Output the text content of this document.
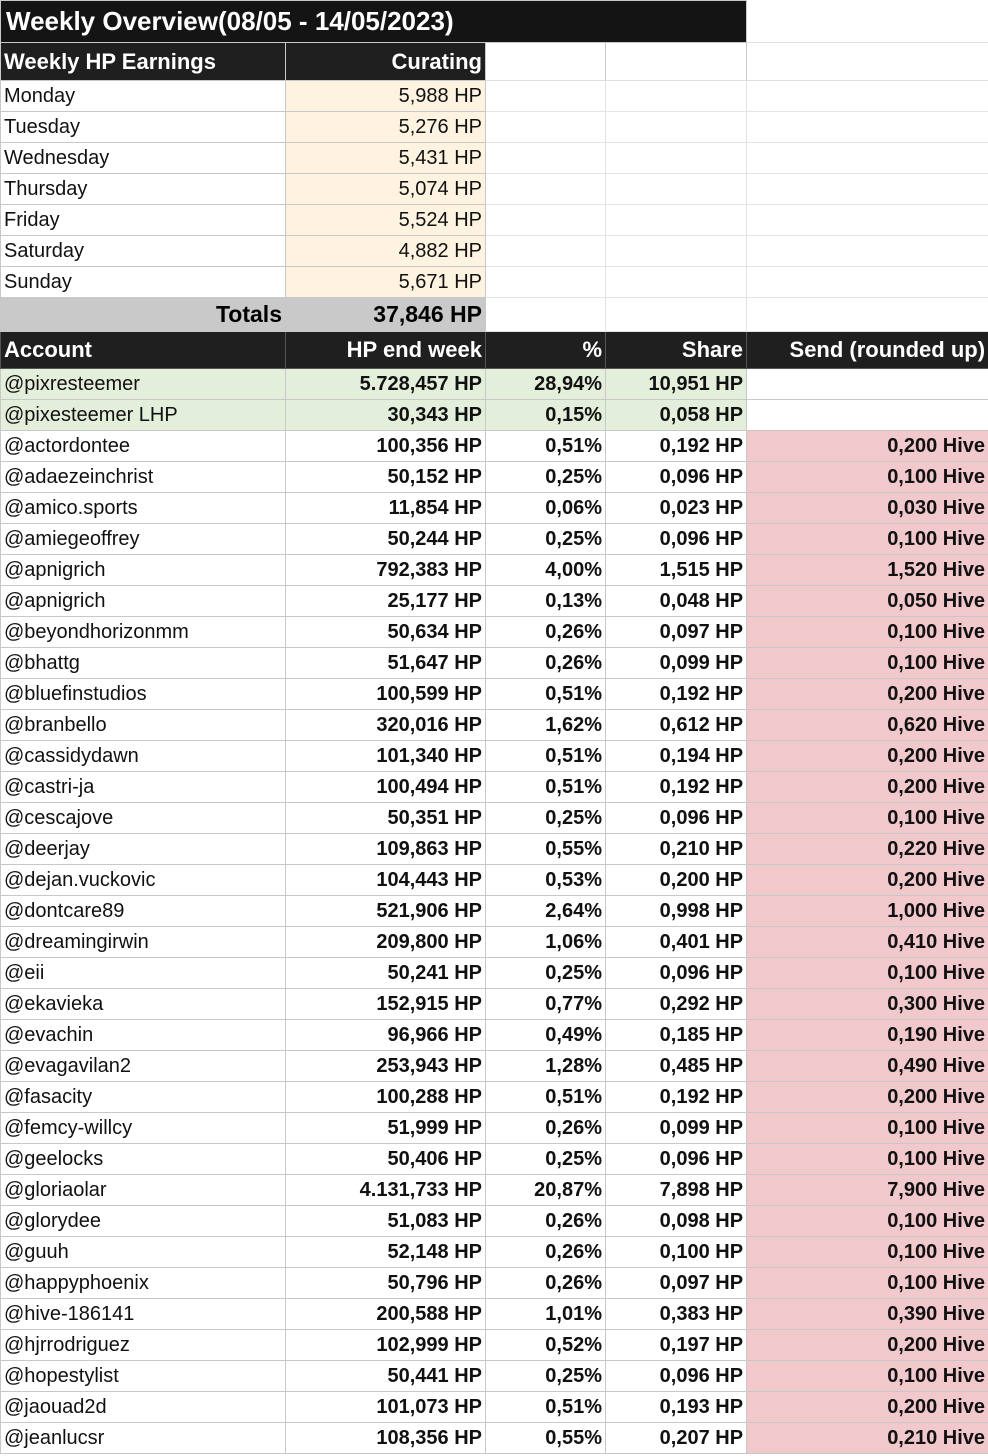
Weekly Overview(08/05 - 14/05/2023)				
Weekly HP Earnings	Curating			
Monday	5,988 HP			
Tuesday	5,276 HP			
Wednesday	5,431 HP			
Thursday	5,074 HP			
Friday	5,524 HP			
Saturday	4,882 HP			
Sunday	5,671 HP			
Totals	37,846 HP			
Account	HP end week	%	Share	Send (rounded up)
@pixresteemer	5.728,457 HP	28,94%	10,951 HP	
@pixesteemer LHP	30,343 HP	0,15%	0,058 HP	
@actordontee	100,356 HP	0,51%	0,192 HP	0,200 Hive
@adaezeinchrist	50,152 HP	0,25%	0,096 HP	0,100 Hive
@amico.sports	11,854 HP	0,06%	0,023 HP	0,030 Hive
@amiegeoffrey	50,244 HP	0,25%	0,096 HP	0,100 Hive
@apnigrich	792,383 HP	4,00%	1,515 HP	1,520 Hive
@apnigrich	25,177 HP	0,13%	0,048 HP	0,050 Hive
@beyondhorizonmm	50,634 HP	0,26%	0,097 HP	0,100 Hive
@bhattg	51,647 HP	0,26%	0,099 HP	0,100 Hive
@bluefinstudios	100,599 HP	0,51%	0,192 HP	0,200 Hive
@branbello	320,016 HP	1,62%	0,612 HP	0,620 Hive
@cassidydawn	101,340 HP	0,51%	0,194 HP	0,200 Hive
@castri-ja	100,494 HP	0,51%	0,192 HP	0,200 Hive
@cescajove	50,351 HP	0,25%	0,096 HP	0,100 Hive
@deerjay	109,863 HP	0,55%	0,210 HP	0,220 Hive
@dejan.vuckovic	104,443 HP	0,53%	0,200 HP	0,200 Hive
@dontcare89	521,906 HP	2,64%	0,998 HP	1,000 Hive
@dreamingirwin	209,800 HP	1,06%	0,401 HP	0,410 Hive
@eii	50,241 HP	0,25%	0,096 HP	0,100 Hive
@ekavieka	152,915 HP	0,77%	0,292 HP	0,300 Hive
@evachin	96,966 HP	0,49%	0,185 HP	0,190 Hive
@evagavilan2	253,943 HP	1,28%	0,485 HP	0,490 Hive
@fasacity	100,288 HP	0,51%	0,192 HP	0,200 Hive
@femcy-willcy	51,999 HP	0,26%	0,099 HP	0,100 Hive
@geelocks	50,406 HP	0,25%	0,096 HP	0,100 Hive
@gloriaolar	4.131,733 HP	20,87%	7,898 HP	7,900 Hive
@glorydee	51,083 HP	0,26%	0,098 HP	0,100 Hive
@guuh	52,148 HP	0,26%	0,100 HP	0,100 Hive
@happyphoenix	50,796 HP	0,26%	0,097 HP	0,100 Hive
@hive-186141	200,588 HP	1,01%	0,383 HP	0,390 Hive
@hjrrodriguez	102,999 HP	0,52%	0,197 HP	0,200 Hive
@hopestylist	50,441 HP	0,25%	0,096 HP	0,100 Hive
@jaouad2d	101,073 HP	0,51%	0,193 HP	0,200 Hive
@jeanlucsr	108,356 HP	0,55%	0,207 HP	0,210 Hive
